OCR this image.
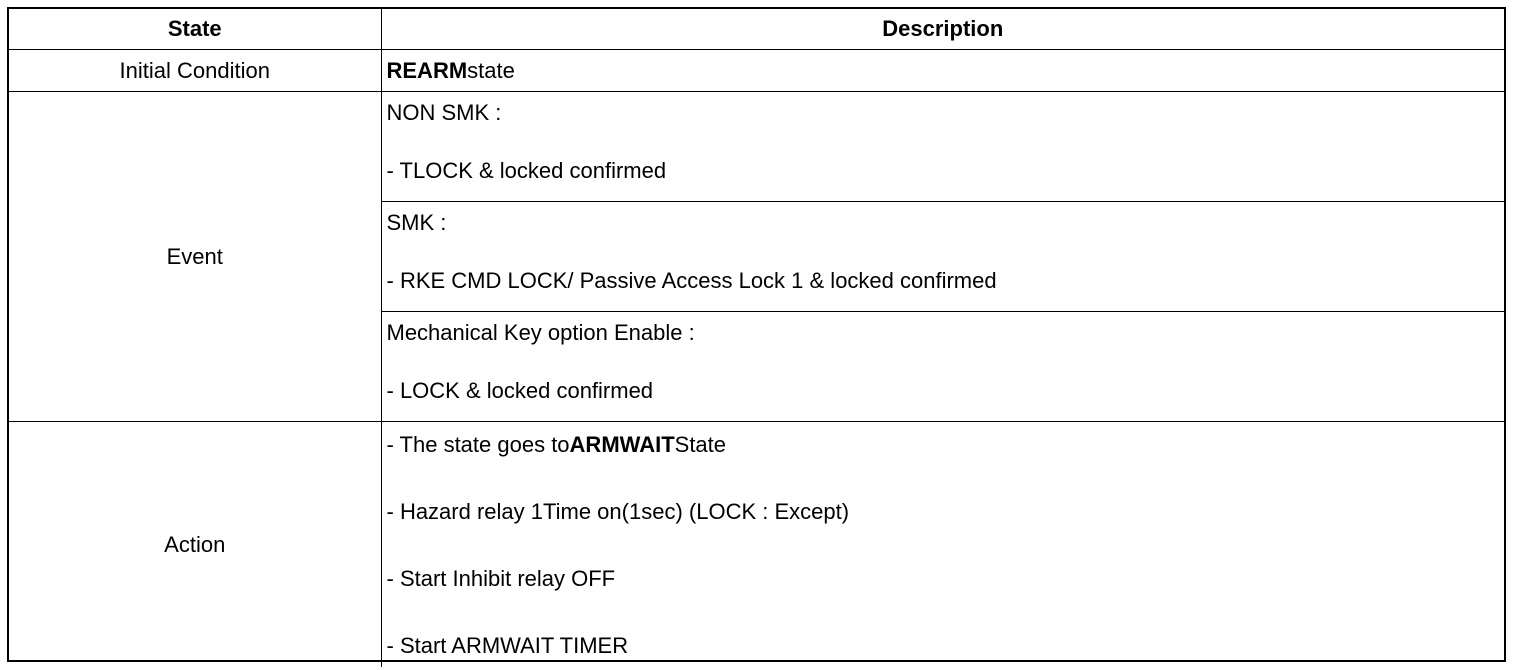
State	Description
Initial Condition	REARMstate
Event	NON SMK :
- TLOCK & locked confirmed

	SMK :
- RKE CMD LOCK/ Passive Access Lock 1 & locked confirmed

	Mechanical Key option Enable :
- LOCK & locked confirmed

Action	- The state goes toARMWAITState
- Hazard relay 1Time on(1sec) (LOCK : Except)
- Start Inhibit relay OFF
- Start ARMWAIT TIMER
